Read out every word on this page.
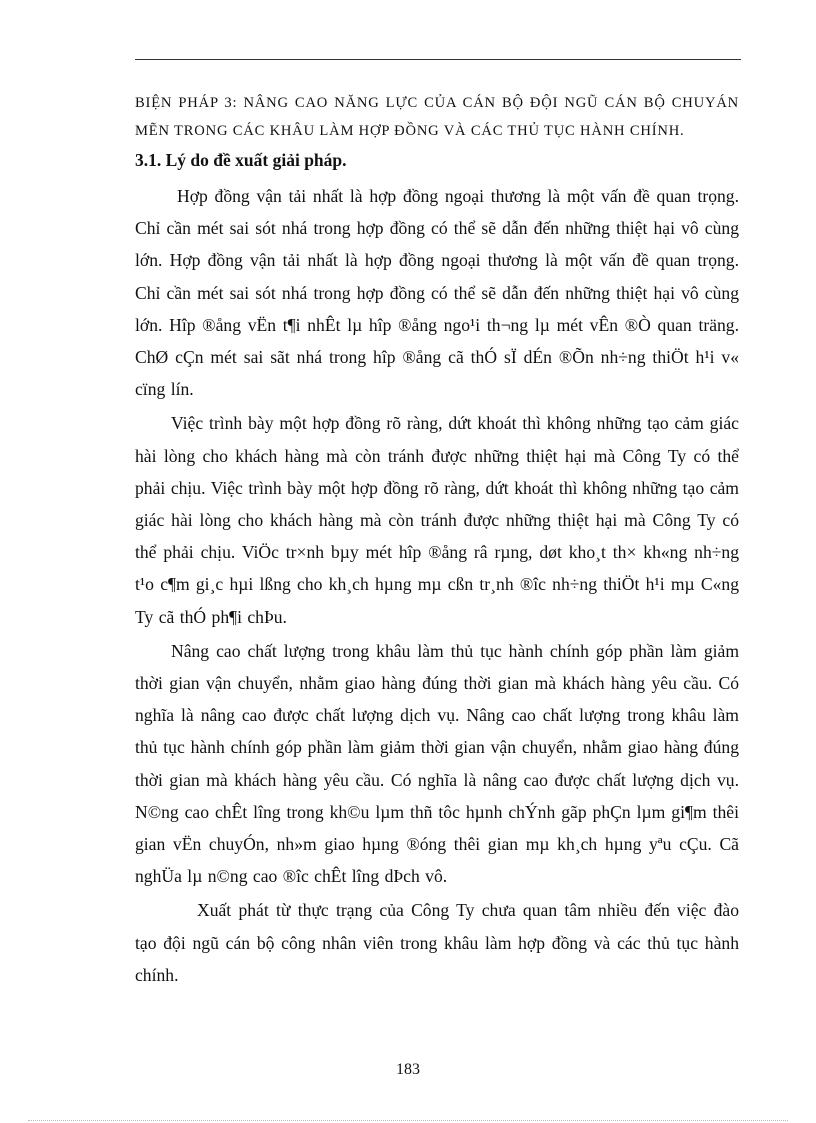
BIỆN PHÁP 3: NÂNG CAO NĂNG LỰC CỦA CÁN BỘ ĐỘI NGŨ CÁN BỘ CHUYÁN MẼN TRONG CÁC KHÂU LÀM HỢP ĐỒNG VÀ CÁC THỦ TỤC HÀNH CHÍNH.

3.1. Lý do đề xuất giải pháp.

Hợp đồng vận tải nhất là hợp đồng ngoại thương là một vấn đề quan trọng. Chỉ cần mét sai sót nhá trong hợp đồng có thể sẽ dẫn đến những thiệt hại vô cùng lớn. Hợp đồng vận tải nhất là hợp đồng ngoại thương là một vấn đề quan trọng. Chỉ cần mét sai sót nhá trong hợp đồng có thể sẽ dẫn đến những thiệt hại vô cùng lớn. Hîp ®ång vËn t¶i nhÊt lµ hîp ®ång ngo¹i th¬ng lµ mét vÊn ®Ò quan träng. ChØ cÇn mét sai sãt nhá trong hîp ®ång cã thÓ sÏ dÉn ®Õn nh÷ng thiÖt h¹i v« cïng lín.

Việc trình bày một hợp đồng rõ ràng, dứt khoát thì không những tạo cảm giác hài lòng cho khách hàng mà còn tránh được những thiệt hại mà Công Ty có thể phải chịu. Việc trình bày một hợp đồng rõ ràng, dứt khoát thì không những tạo cảm giác hài lòng cho khách hàng mà còn tránh được những thiệt hại mà Công Ty có thể phải chịu. ViÖc tr×nh bµy mét hîp ®ång râ rµng, døt kho¸t th× kh«ng nh÷ng t¹o c¶m gi¸c hµi lßng cho kh¸ch hµng mµ cßn tr¸nh ®îc nh÷ng thiÖt h¹i mµ C«ng Ty cã thÓ ph¶i chÞu.

Nâng cao chất lượng trong khâu làm thủ tục hành chính góp phần làm giảm thời gian vận chuyển, nhằm giao hàng đúng thời gian mà khách hàng yêu cầu. Có nghĩa là nâng cao được chất lượng dịch vụ. Nâng cao chất lượng trong khâu làm thủ tục hành chính góp phần làm giảm thời gian vận chuyển, nhằm giao hàng đúng thời gian mà khách hàng yêu cầu. Có nghĩa là nâng cao được chất lượng dịch vụ. N©ng cao chÊt lîng trong kh©u lµm thñ tôc hµnh chÝnh gãp phÇn lµm gi¶m thêi gian vËn chuyÓn, nh»m giao hµng ®óng thêi gian mµ kh¸ch hµng yªu cÇu. Cã nghÜa lµ n©ng cao ®îc chÊt lîng dÞch vô.

Xuất phát từ thực trạng của Công Ty chưa quan tâm nhiều đến việc đào tạo đội ngũ cán bộ công nhân viên trong khâu làm hợp đồng và các thủ tục hành chính.

183
